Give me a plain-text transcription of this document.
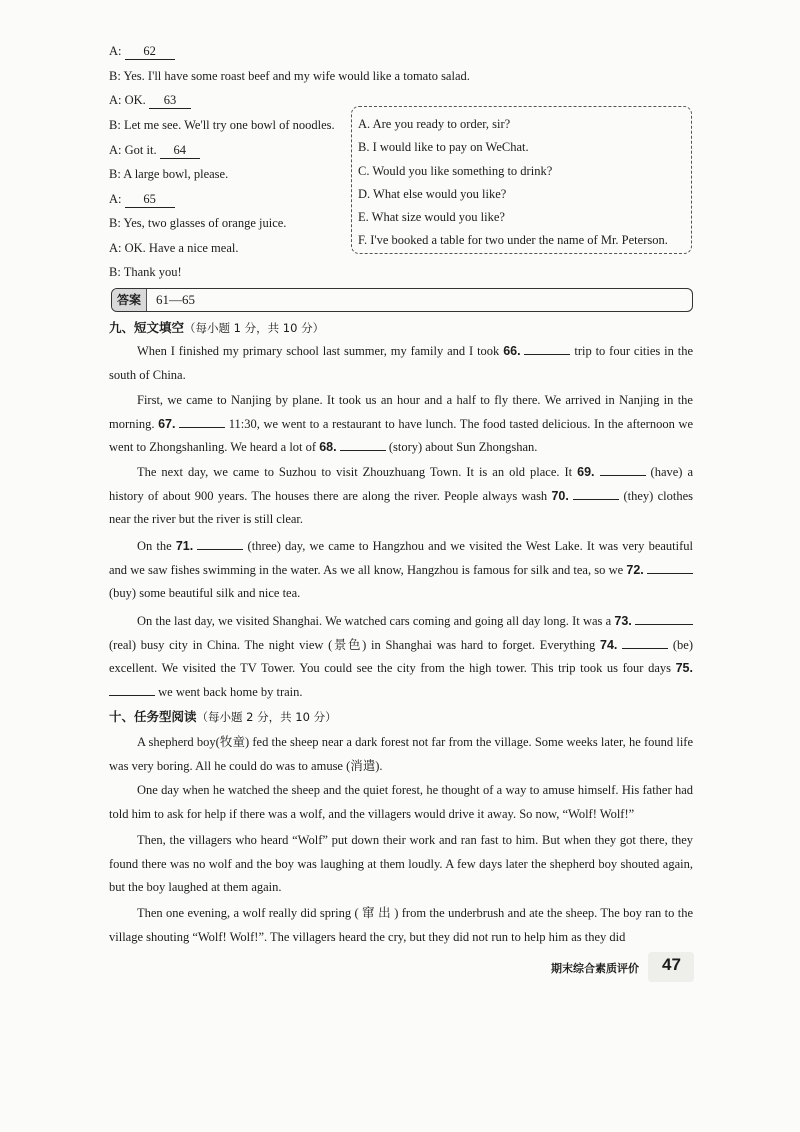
A: 62
B: Yes. I'll have some roast beef and my wife would like a tomato salad.
A: OK. 63
B: Let me see. We'll try one bowl of noodles.
A: Got it. 64
B: A large bowl, please.
A: 65
B: Yes, two glasses of orange juice.
A: OK. Have a nice meal.
B: Thank you!
A. Are you ready to order, sir?
B. I would like to pay on WeChat.
C. Would you like something to drink?
D. What else would you like?
E. What size would you like?
F. I've booked a table for two under the name of Mr. Peterson.
答案	61—65
九、短文填空（每小题 1 分，共 10 分）
When I finished my primary school last summer, my family and I took 66.	trip to four cities in the south of China.
First, we came to Nanjing by plane. It took us an hour and a half to fly there. We arrived in Nanjing in the morning. 67.	11:30, we went to a restaurant to have lunch. The food tasted delicious. In the afternoon we went to Zhongshanling. We heard a lot of 68.	(story) about Sun Zhongshan.
The next day, we came to Suzhou to visit Zhouzhuang Town. It is an old place. It 69.	(have) a history of about 900 years. The houses there are along the river. People always wash 70.	(they) clothes near the river but the river is still clear.
On the 71.	(three) day, we came to Hangzhou and we visited the West Lake. It was very beautiful and we saw fishes swimming in the water. As we all know, Hangzhou is famous for silk and tea, so we 72.  (buy) some beautiful silk and nice tea.
On the last day, we visited Shanghai. We watched cars coming and going all day long. It was a 73.  (real) busy city in China. The night view (景色) in Shanghai was hard to forget. Everything 74.	(be) excellent. We visited the TV Tower. You could see the city from the high tower. This trip took us four days 75.  we went back home by train.
十、任务型阅读（每小题 2 分，共 10 分）
A shepherd boy(牧童) fed the sheep near a dark forest not far from the village. Some weeks later, he found life was very boring. All he could do was to amuse (消遣).
One day when he watched the sheep and the quiet forest, he thought of a way to amuse himself. His father had told him to ask for help if there was a wolf, and the villagers would drive it away. So now, “Wolf! Wolf!”
Then, the villagers who heard “Wolf” put down their work and ran fast to him. But when they got there, they found there was no wolf and the boy was laughing at them loudly. A few days later the shepherd boy shouted again, but the boy laughed at them again.
Then one evening, a wolf really did spring ( 窜 出 ) from the underbrush and ate the sheep. The boy ran to the village shouting “Wolf! Wolf!”. The villagers heard the cry, but they did not run to help him as they did
期末综合素质评价 47
